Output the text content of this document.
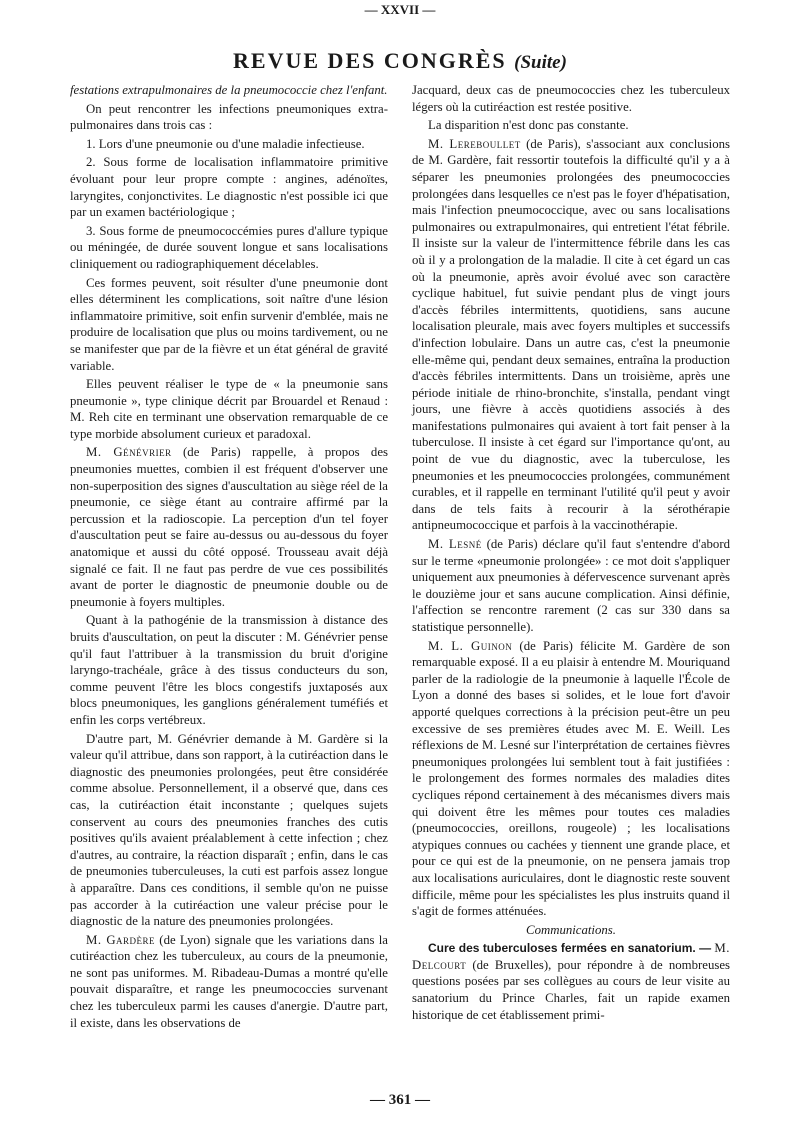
— XXVII —
REVUE DES CONGRÈS (Suite)

festations extrapulmonaires de la pneumococcie chez l'enfant.

On peut rencontrer les infections pneumoniques extra-pulmonaires dans trois cas :

1. Lors d'une pneumonie ou d'une maladie infectieuse.

2. Sous forme de localisation inflammatoire primitive évoluant pour leur propre compte : angines, adénoïtes, laryngites, conjonctivites. Le diagnostic n'est possible ici que par un examen bactériologique ;

3. Sous forme de pneumococcémies pures d'allure typique ou méningée, de durée souvent longue et sans localisations cliniquement ou radiographiquement décelables.

Ces formes peuvent, soit résulter d'une pneumonie dont elles déterminent les complications, soit naître d'une lésion inflammatoire primitive, soit enfin survenir d'emblée, mais ne produire de localisation que plus ou moins tardivement, ou ne se manifester que par de la fièvre et un état général de gravité variable.

Elles peuvent réaliser le type de « la pneumonie sans pneumonie », type clinique décrit par Brouardel et Renaud : M. Reh cite en terminant une observation remarquable de ce type morbide absolument curieux et paradoxal.

M. Génévrier (de Paris) rappelle, à propos des pneumonies muettes, combien il est fréquent d'observer une non-superposition des signes d'auscultation au siège réel de la pneumonie, ce siège étant au contraire affirmé par la percussion et la radioscopie. La perception d'un tel foyer d'auscultation peut se faire au-dessus ou au-dessous du foyer anatomique et aussi du côté opposé. Trousseau avait déjà signalé ce fait. Il ne faut pas perdre de vue ces possibilités avant de porter le diagnostic de pneumonie double ou de pneumonie à foyers multiples.

Quant à la pathogénie de la transmission à distance des bruits d'auscultation, on peut la discuter : M. Génévrier pense qu'il faut l'attribuer à la transmission du bruit d'origine laryngo-trachéale, grâce à des tissus conducteurs du son, comme peuvent l'être les blocs congestifs juxtaposés aux blocs pneumoniques, les ganglions généralement tuméfiés et enfin les corps vertébreux.

D'autre part, M. Génévrier demande à M. Gardère si la valeur qu'il attribue, dans son rapport, à la cutiréaction dans le diagnostic des pneumonies prolongées, peut être considérée comme absolue. Personnellement, il a observé que, dans ces cas, la cutiréaction était inconstante ; quelques sujets conservent au cours des pneumonies franches des cutis positives qu'ils avaient préalablement à cette infection ; chez d'autres, au contraire, la réaction disparaît ; enfin, dans le cas de pneumonies tuberculeuses, la cuti est parfois assez longue à apparaître. Dans ces conditions, il semble qu'on ne puisse pas accorder à la cutiréaction une valeur précise pour le diagnostic de la nature des pneumonies prolongées.

M. Gardère (de Lyon) signale que les variations dans la cutiréaction chez les tuberculeux, au cours de la pneumonie, ne sont pas uniformes. M. Ribadeau-Dumas a montré qu'elle pouvait disparaître, et range les pneumococcies survenant chez les tuberculeux parmi les causes d'anergie. D'autre part, il existe, dans les observations de

Jacquard, deux cas de pneumococcies chez les tuberculeux légers où la cutiréaction est restée positive.

La disparition n'est donc pas constante.

M. Lereboullet (de Paris), s'associant aux conclusions de M. Gardère, fait ressortir toutefois la difficulté qu'il y a à séparer les pneumonies prolongées des pneumococcies prolongées dans lesquelles ce n'est pas le foyer d'hépatisation, mais l'infection pneumococcique, avec ou sans localisations pulmonaires ou extrapulmonaires, qui entretient l'état fébrile. Il insiste sur la valeur de l'intermittence fébrile dans les cas où il y a prolongation de la maladie. Il cite à cet égard un cas où la pneumonie, après avoir évolué avec son caractère cyclique habituel, fut suivie pendant plus de vingt jours d'accès fébriles intermittents, quotidiens, sans aucune localisation pleurale, mais avec foyers multiples et successifs d'infection lobulaire. Dans un autre cas, c'est la pneumonie elle-même qui, pendant deux semaines, entraîna la production d'accès fébriles intermittents. Dans un troisième, après une période initiale de rhino-bronchite, s'installa, pendant vingt jours, une fièvre à accès quotidiens associés à des manifestations pulmonaires qui avaient à tort fait penser à la tuberculose. Il insiste à cet égard sur l'importance qu'ont, au point de vue du diagnostic, avec la tuberculose, les pneumonies et les pneumococcies prolongées, communément curables, et il rappelle en terminant l'utilité qu'il peut y avoir dans de tels faits à recourir à la sérothérapie antipneumococcique et parfois à la vaccinothérapie.

M. Lesné (de Paris) déclare qu'il faut s'entendre d'abord sur le terme «pneumonie prolongée» : ce mot doit s'appliquer uniquement aux pneumonies à défervescence survenant après le douzième jour et sans aucune complication. Ainsi définie, l'affection se rencontre rarement (2 cas sur 330 dans sa statistique personnelle).

M. L. Guinon (de Paris) félicite M. Gardère de son remarquable exposé. Il a eu plaisir à entendre M. Mouriquand parler de la radiologie de la pneumonie à laquelle l'École de Lyon a donné des bases si solides, et le loue fort d'avoir apporté quelques corrections à la précision peut-être un peu excessive de ses premières études avec M. E. Weill. Les réflexions de M. Lesné sur l'interprétation de certaines fièvres pneumoniques prolongées lui semblent tout à fait justifiées : le prolongement des formes normales des maladies dites cycliques répond certainement à des mécanismes divers mais qui doivent être les mêmes pour toutes ces maladies (pneumococcies, oreillons, rougeole) ; les localisations atypiques connues ou cachées y tiennent une grande place, et pour ce qui est de la pneumonie, on ne pensera jamais trop aux localisations auriculaires, dont le diagnostic reste souvent difficile, même pour les spécialistes les plus instruits quand il s'agit de formes atténuées.

Communications.

Cure des tuberculoses fermées en sanatorium. — M. Delcourt (de Bruxelles), pour répondre à de nombreuses questions posées par ses collègues au cours de leur visite au sanatorium du Prince Charles, fait un rapide examen historique de cet établissement primi-

— 361 —
